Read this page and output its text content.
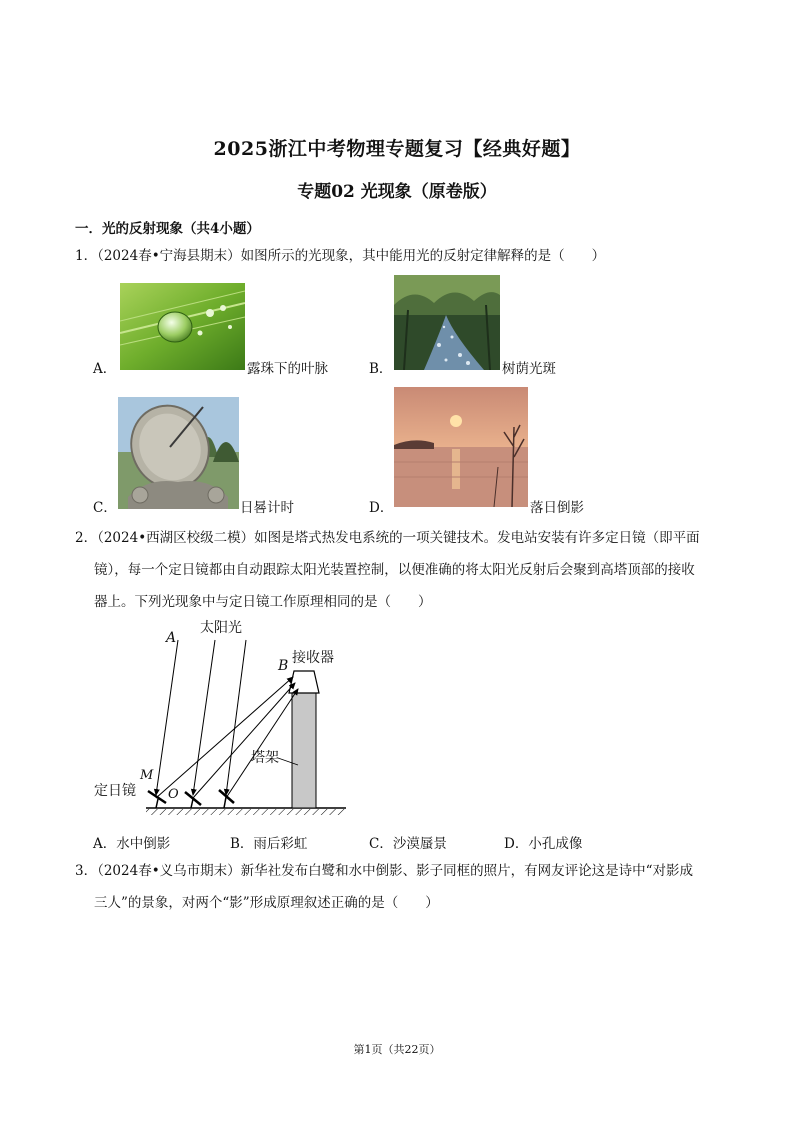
2025浙江中考物理专题复习【经典好题】
专题02 光现象（原卷版）
一．光的反射现象（共4小题）
1．（2024春•宁海县期末）如图所示的光现象，其中能用光的反射定律解释的是（　　）
A．	露珠下的叶脉	B．	树荫光斑
C．	日晷计时	D．	落日倒影
2．（2024•西湖区校级二模）如图是塔式热发电系统的一项关键技术。发电站安装有许多定日镜（即平面
镜），每一个定日镜都由自动跟踪太阳光装置控制，以便准确的将太阳光反射后会聚到高塔顶部的接收
器上。下列光现象中与定日镜工作原理相同的是（　　）
A
太阳光
B 接收器
塔架
M
定日镜 O
A．水中倒影	B．雨后彩虹	C．沙漠蜃景	D．小孔成像
3．（2024春•义乌市期末）新华社发布白鹭和水中倒影、影子同框的照片，有网友评论这是诗中“对影成
三人”的景象，对两个“影”形成原理叙述正确的是（　　）
第1页（共22页）
